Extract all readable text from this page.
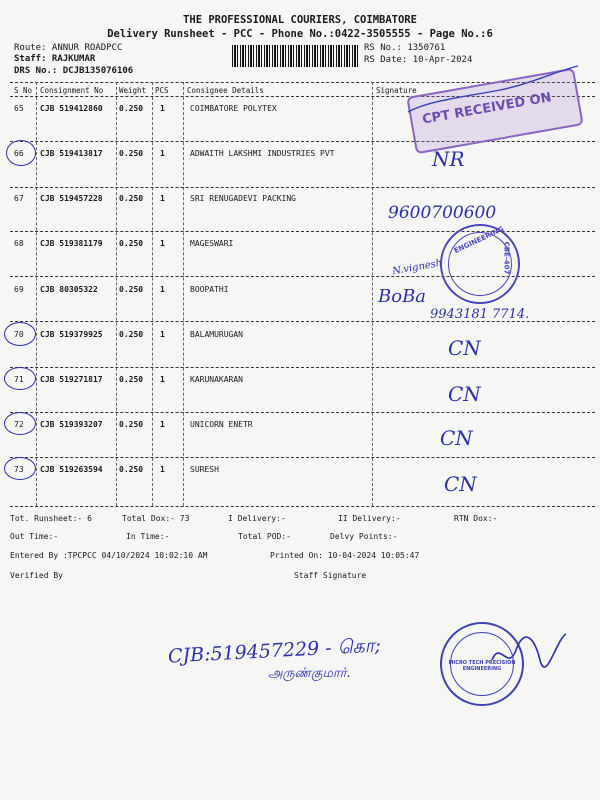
THE PROFESSIONAL COURIERS, COIMBATORE
Delivery Runsheet - PCC - Phone No.:0422-3505555 - Page No.:6
Route: ANNUR ROADPCC
Staff: RAJKUMAR
DRS No.: DCJB135076106
RS No.: 1350761
RS Date: 10-Apr-2024
S No Consignment No Weight PCS Consignee Details	Signature
65 CJB 519412860 0.250 1	COIMBATORE POLYTEX
66 CJB 519413817 0.250 1	ADWAITH LAKSHMI INDUSTRIES PVT
67 CJB 519457228 0.250 1	SRI RENUGADEVI PACKING
68 CJB 519381179 0.250 1	MAGESWARI
69 CJB 80305322	0.250 1	BOOPATHI
70 CJB 519379925 0.250 1	BALAMURUGAN
71 CJB 519271817 0.250 1	KARUNAKARAN
72 CJB 519393207 0.250 1	UNICORN ENETR
73 CJB 519263594 0.250 1	SURESH
CPT RECEIVED ON
NR
9600700600
N.vignesh
BoBa
9943181 7714.
CN
CN
CN
CN
ENGINEERING
CBE-407
Tot. Runsheet:- 6	Total Dox:- 73	I Delivery:-	II Delivery:-	RTN Dox:-
Out Time:-	In Time:-	Total POD:-	Delvy Points:-
Entered By :TPCPCC 04/10/2024 10:02:10 AM	Printed On: 10-04-2024 10:05:47
Verified By	Staff Signature
CJB:519457229 - கொ;
அருண்குமார்.
MICRO TECH PRECISION ENGINEERING
